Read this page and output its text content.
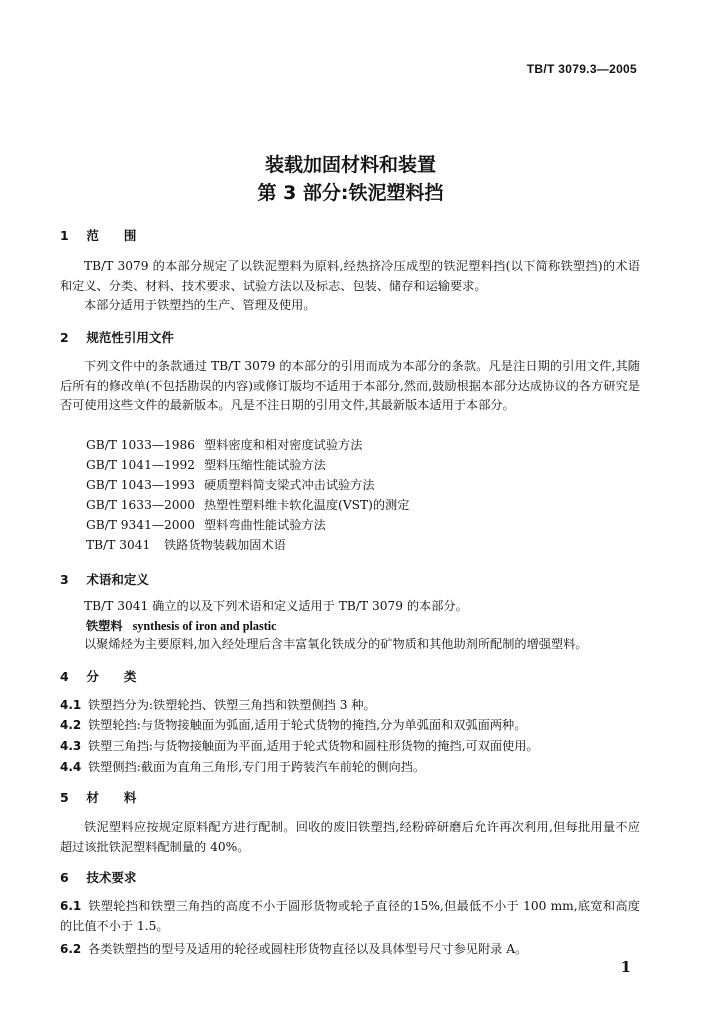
TB/T 3079.3—2005
装载加固材料和装置
第 3 部分:铁泥塑料挡
1 范　　围
TB/T 3079 的本部分规定了以铁泥塑料为原料,经热挤冷压成型的铁泥塑料挡(以下简称铁塑挡)的术语和定义、分类、材料、技术要求、试验方法以及标志、包装、储存和运输要求。
本部分适用于铁塑挡的生产、管理及使用。
2 规范性引用文件
下列文件中的条款通过 TB/T 3079 的本部分的引用而成为本部分的条款。凡是注日期的引用文件,其随后所有的修改单(不包括勘误的内容)或修订版均不适用于本部分,然而,鼓励根据本部分达成协议的各方研究是否可使用这些文件的最新版本。凡是不注日期的引用文件,其最新版本适用于本部分。
GB/T 1033—1986 塑料密度和相对密度试验方法
GB/T 1041—1992 塑料压缩性能试验方法
GB/T 1043—1993 硬质塑料简支梁式冲击试验方法
GB/T 1633—2000 热塑性塑料维卡软化温度(VST)的测定
GB/T 9341—2000 塑料弯曲性能试验方法
TB/T 3041 铁路货物装载加固术语
3 术语和定义
TB/T 3041 确立的以及下列术语和定义适用于 TB/T 3079 的本部分。
铁塑料 synthesis of iron and plastic
以聚烯烃为主要原料,加入经处理后含丰富氧化铁成分的矿物质和其他助剂所配制的增强塑料。
4 分　　类
4.1 铁塑挡分为:铁塑轮挡、铁塑三角挡和铁塑侧挡 3 种。
4.2 铁塑轮挡:与货物接触面为弧面,适用于轮式货物的掩挡,分为单弧面和双弧面两种。
4.3 铁塑三角挡:与货物接触面为平面,适用于轮式货物和圆柱形货物的掩挡,可双面使用。
4.4 铁塑侧挡:截面为直角三角形,专门用于跨装汽车前轮的侧向挡。
5 材　　料
铁泥塑料应按规定原料配方进行配制。回收的废旧铁塑挡,经粉碎研磨后允许再次利用,但每批用量不应超过该批铁泥塑料配制量的 40%。
6 技术要求
6.1 铁塑轮挡和铁塑三角挡的高度不小于圆形货物或轮子直径的15%,但最低不小于 100 mm,底宽和高度的比值不小于 1.5。
6.2 各类铁塑挡的型号及适用的轮径或圆柱形货物直径以及具体型号尺寸参见附录 A。
1
